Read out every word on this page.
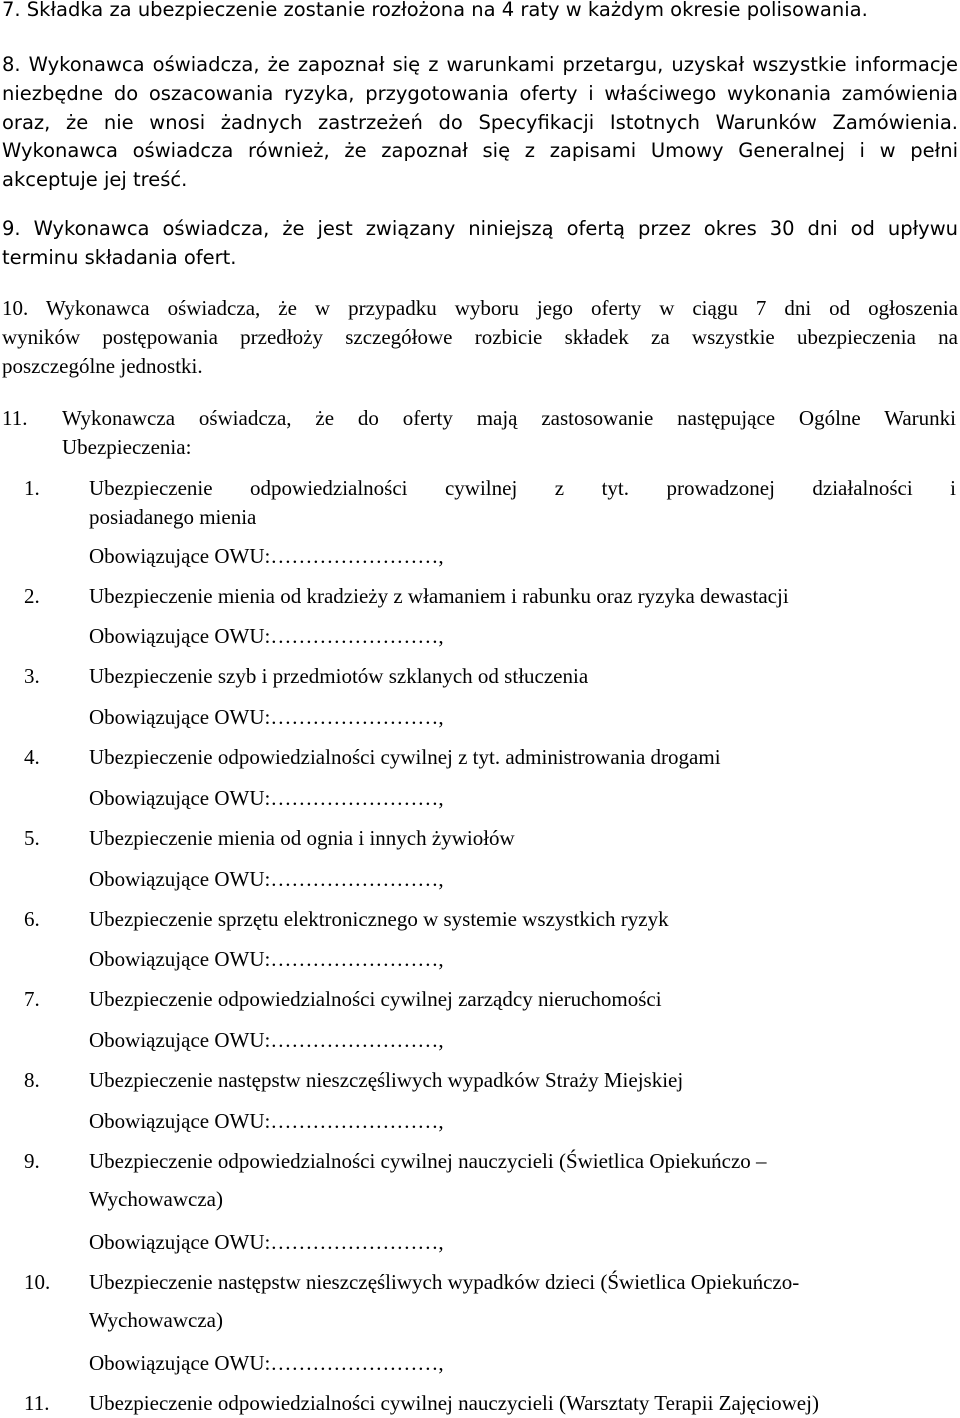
7. Składka za ubezpieczenie zostanie rozłożona na 4 raty w każdym okresie polisowania.
8. Wykonawca oświadcza, że zapoznał się z warunkami przetargu, uzyskał wszystkie informacje
niezbędne do oszacowania ryzyka, przygotowania oferty i właściwego wykonania zamówienia
oraz, że nie wnosi żadnych zastrzeżeń do Specyfikacji Istotnych Warunków Zamówienia.
Wykonawca oświadcza również, że zapoznał się z zapisami Umowy Generalnej i w pełni
akceptuje jej treść.
9. Wykonawca oświadcza, że jest związany niniejszą ofertą przez okres 30 dni od upływu
terminu składania ofert.
10. Wykonawca oświadcza, że w przypadku wyboru jego oferty w ciągu 7 dni od ogłoszenia
wyników postępowania przedłoży szczegółowe rozbicie składek za wszystkie ubezpieczenia na
poszczególne jednostki.
11. Wykonawcza oświadcza, że do oferty mają zastosowanie następujące Ogólne Warunki
Ubezpieczenia:
1. Ubezpieczenie odpowiedzialności cywilnej z tyt. prowadzonej działalności i
posiadanego mienia
Obowiązujące OWU:……………………,
2. Ubezpieczenie mienia od kradzieży z włamaniem i rabunku oraz ryzyka dewastacji
Obowiązujące OWU:……………………,
3. Ubezpieczenie szyb i przedmiotów szklanych od stłuczenia
Obowiązujące OWU:……………………,
4. Ubezpieczenie odpowiedzialności cywilnej z tyt. administrowania drogami
Obowiązujące OWU:……………………,
5. Ubezpieczenie mienia od ognia i innych żywiołów
Obowiązujące OWU:……………………,
6. Ubezpieczenie sprzętu elektronicznego w systemie wszystkich ryzyk
Obowiązujące OWU:……………………,
7. Ubezpieczenie odpowiedzialności cywilnej zarządcy nieruchomości
Obowiązujące OWU:……………………,
8. Ubezpieczenie następstw nieszczęśliwych wypadków Straży Miejskiej
Obowiązujące OWU:……………………,
9. Ubezpieczenie odpowiedzialności cywilnej nauczycieli (Świetlica Opiekuńczo –
Wychowawcza)
Obowiązujące OWU:……………………,
10. Ubezpieczenie następstw nieszczęśliwych wypadków dzieci (Świetlica Opiekuńczo-
Wychowawcza)
Obowiązujące OWU:……………………,
11. Ubezpieczenie odpowiedzialności cywilnej nauczycieli (Warsztaty Terapii Zajęciowej)
